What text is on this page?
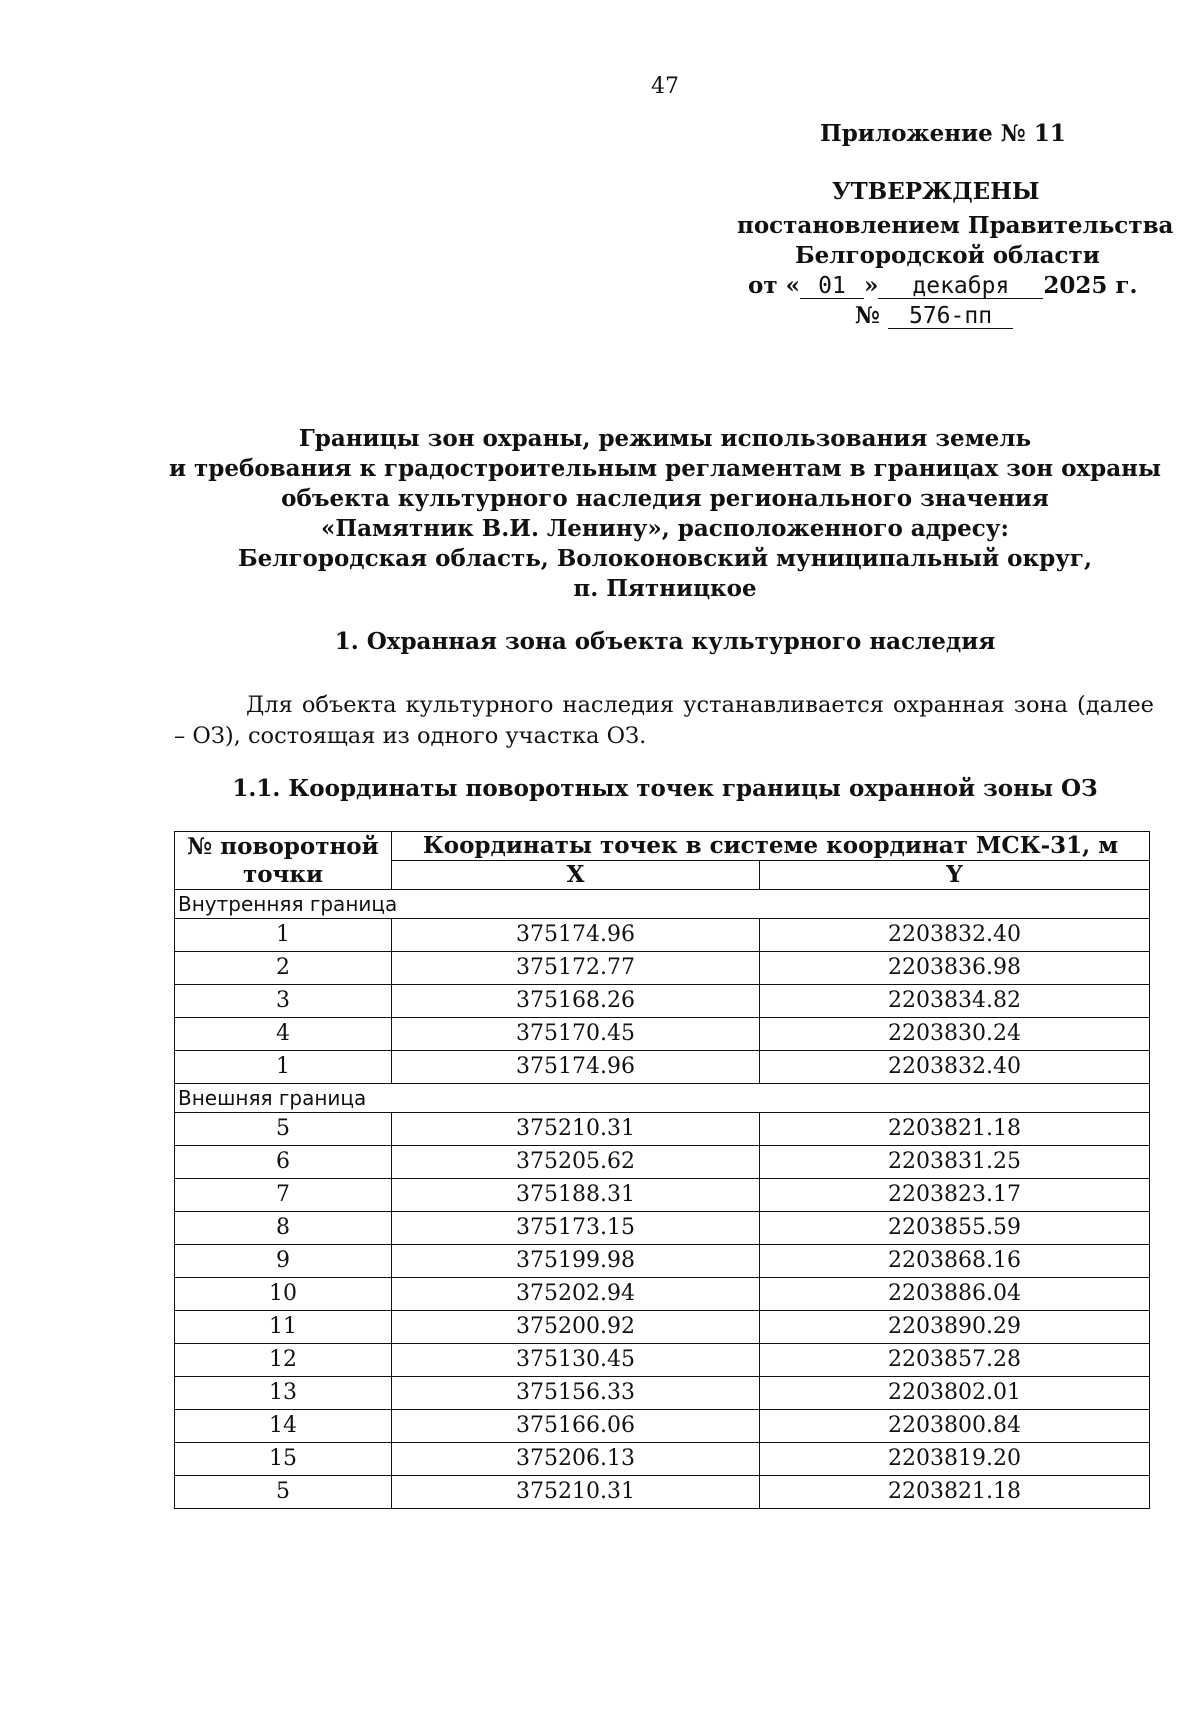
47
Приложение № 11
УТВЕРЖДЕНЫ
постановлением Правительства
Белгородской области
от « 01 » декабря 2025 г.
№ 576-пп
Границы зон охраны, режимы использования земель
и требования к градостроительным регламентам в границах зон охраны
объекта культурного наследия регионального значения
«Памятник В.И. Ленину», расположенного адресу:
Белгородская область, Волоконовский муниципальный округ,
п. Пятницкое
1. Охранная зона объекта культурного наследия
Для объекта культурного наследия устанавливается охранная зона (далее – ОЗ), состоящая из одного участка ОЗ.
1.1. Координаты поворотных точек границы охранной зоны ОЗ
№ поворотной точки	Координаты точек в системе координат МСК-31, м	
	X	Y
Внутренняя граница		
1	375174.96	2203832.40
2	375172.77	2203836.98
3	375168.26	2203834.82
4	375170.45	2203830.24
1	375174.96	2203832.40
Внешняя граница		
5	375210.31	2203821.18
6	375205.62	2203831.25
7	375188.31	2203823.17
8	375173.15	2203855.59
9	375199.98	2203868.16
10	375202.94	2203886.04
11	375200.92	2203890.29
12	375130.45	2203857.28
13	375156.33	2203802.01
14	375166.06	2203800.84
15	375206.13	2203819.20
5	375210.31	2203821.18
